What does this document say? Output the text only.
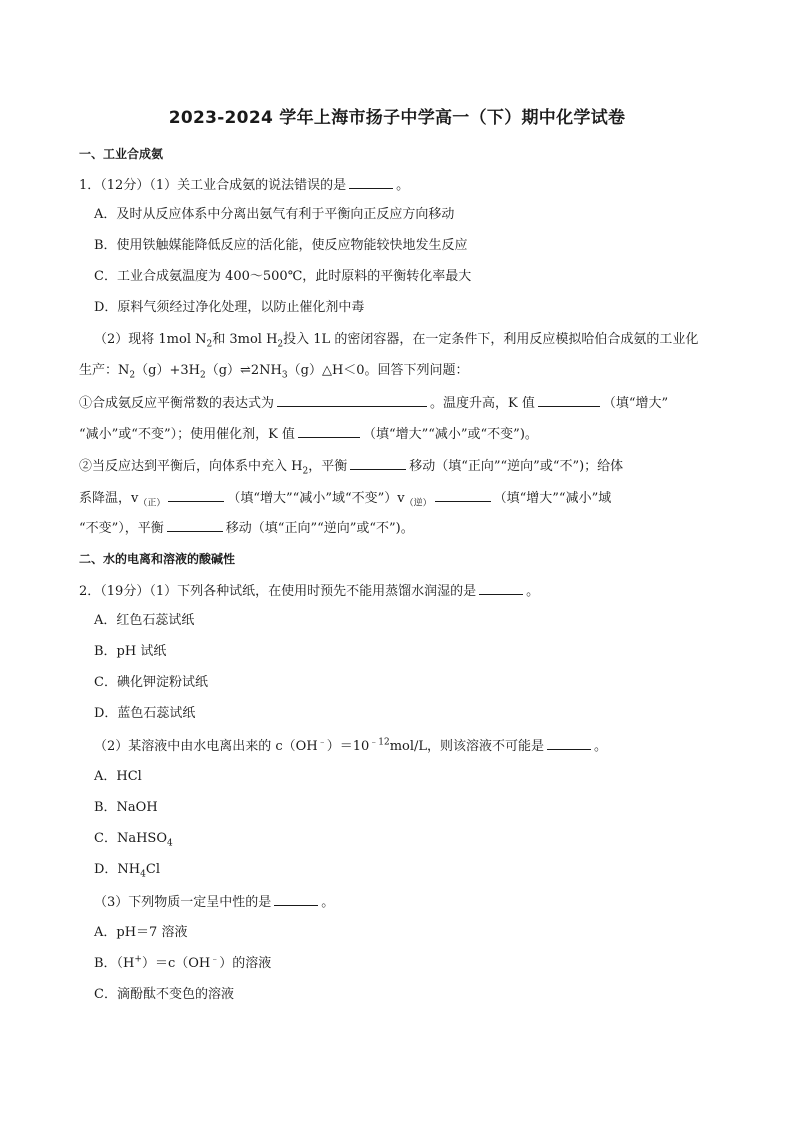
2023-2024 学年上海市扬子中学高一（下）期中化学试卷
一、工业合成氨
1．（12分）（1）关工业合成氨的说法错误的是	。
A．及时从反应体系中分离出氨气有利于平衡向正反应方向移动
B．使用铁触媒能降低反应的活化能，使反应物能较快地发生反应
C．工业合成氨温度为 400～500℃，此时原料的平衡转化率最大
D．原料气须经过净化处理，以防止催化剂中毒
（2）现将 1mol $N_2$和 3mol $H_2$投入 1L 的密闭容器，在一定条件下，利用反应模拟哈伯合成氨的工业化
生产：$N_2(g)+3H_2(g)\rightleftharpoons 2NH_3(g)\triangle H<0$。回答下列问题：
①合成氨反应平衡常数的表达式为	。温度升高，K 值	（填“增大”
“减小”或“不变”）；使用催化剂，K 值	（填“增大”“减小”或“不变”)。
②当反应达到平衡后，向体系中充入 $H_2$，平衡	移动（填“正向”“逆向”或“不”)；给体
系降温，$v_{(正)}$	（填“增大”“减小”域“不变$”)v_{(逆)}$	（填“增大”“减小”域
“不变”），平衡	移动（填“正向”“逆向”或“不”)。
二、水的电离和溶液的酸碱性
2．（19分）（1）下列各种试纸，在使用时预先不能用蒸馏水润湿的是	。
A．红色石蕊试纸
B．pH 试纸
C．碘化钾淀粉试纸
D．蓝色石蕊试纸
（2）某溶液中由水电离出来的 $c(OH^﹣)=10^{﹣12}mol/L$，则该溶液不可能是	。
A．HCl
B．NaOH
C．NaHSO$_4$
D．$NH_4Cl$
（3）下列物质一定呈中性的是	。
A．pH＝7 溶液
B．（H+）＝c（OH﹣）的溶液
C．滴酚酞不变色的溶液
